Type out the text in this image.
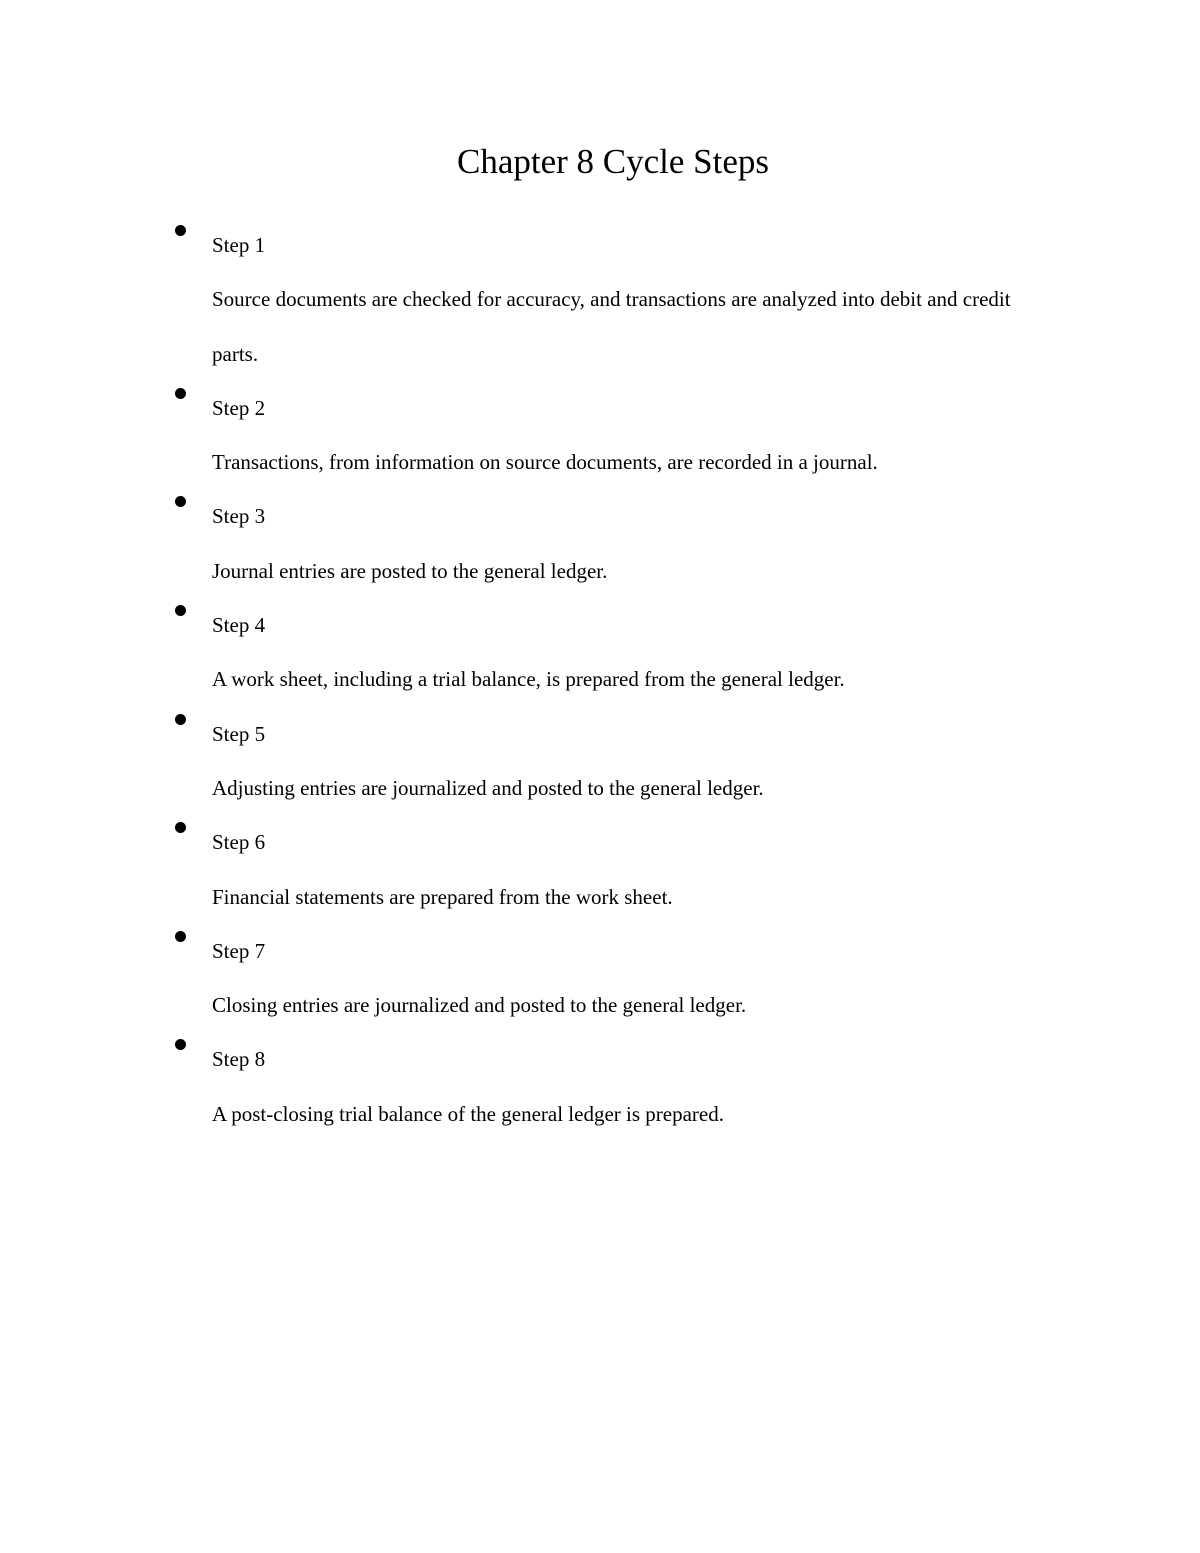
Chapter 8 Cycle Steps
Step 1
Source documents are checked for accuracy, and transactions are analyzed into debit and credit parts.
Step 2
Transactions, from information on source documents, are recorded in a journal.
Step 3
Journal entries are posted to the general ledger.
Step 4
A work sheet, including a trial balance, is prepared from the general ledger.
Step 5
Adjusting entries are journalized and posted to the general ledger.
Step 6
Financial statements are prepared from the work sheet.
Step 7
Closing entries are journalized and posted to the general ledger.
Step 8
A post-closing trial balance of the general ledger is prepared.
